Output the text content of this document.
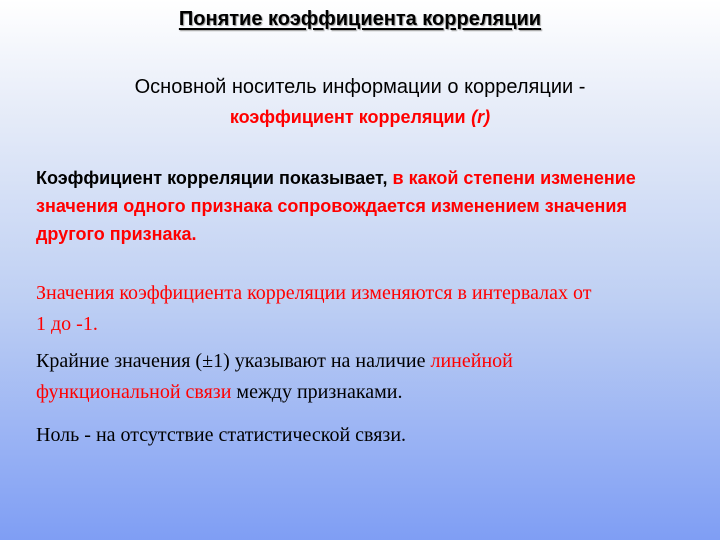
Понятие коэффициента корреляции
Основной носитель информации о корреляции -
коэффициент корреляции (r)
Коэффициент корреляции показывает, в какой степени изменение значения одного признака сопровождается изменением значения другого признака.
Значения коэффициента корреляции изменяются в интервалах от 1 до -1.
Крайние значения (±1) указывают на наличие линейной функциональной связи между признаками.
Ноль - на отсутствие статистической связи.
